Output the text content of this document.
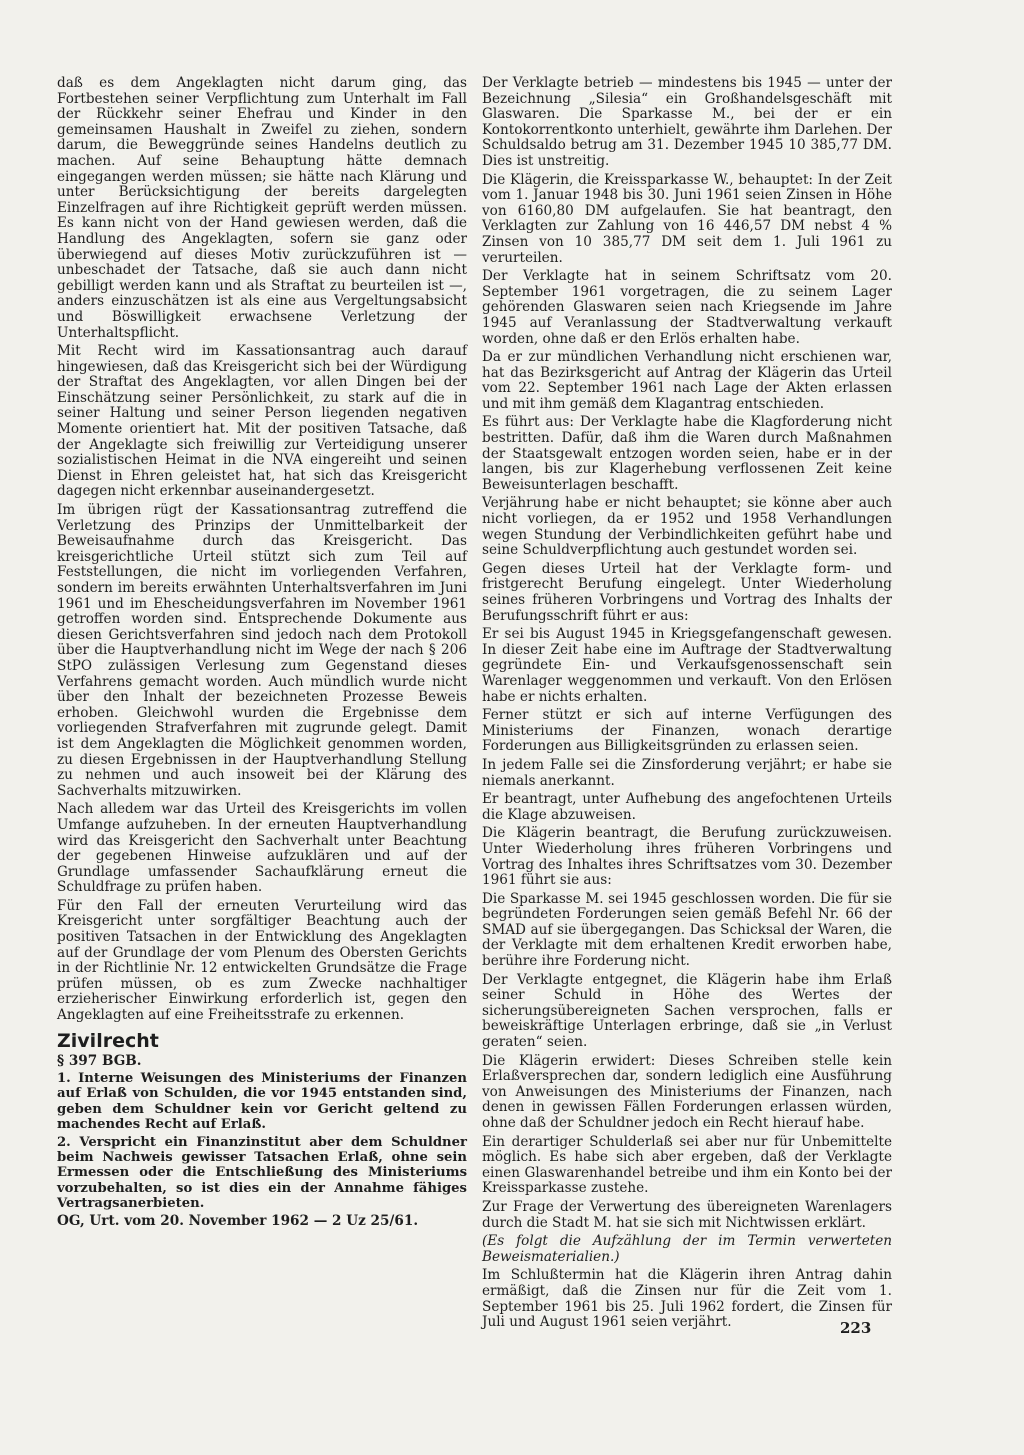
daß es dem Angeklagten nicht darum ging, das Fortbestehen seiner Verpflichtung zum Unterhalt im Fall der Rückkehr seiner Ehefrau und Kinder in den gemeinsamen Haushalt in Zweifel zu ziehen, sondern darum, die Beweggründe seines Handelns deutlich zu machen. Auf seine Behauptung hätte demnach eingegangen werden müssen; sie hätte nach Klärung und unter Berücksichtigung der bereits dargelegten Einzelfragen auf ihre Richtigkeit geprüft werden müssen. Es kann nicht von der Hand gewiesen werden, daß die Handlung des Angeklagten, sofern sie ganz oder überwiegend auf dieses Motiv zurückzuführen ist — unbeschadet der Tatsache, daß sie auch dann nicht gebilligt werden kann und als Straftat zu beurteilen ist —, anders einzuschätzen ist als eine aus Vergeltungsabsicht und Böswilligkeit erwachsene Verletzung der Unterhaltspflicht.

Mit Recht wird im Kassationsantrag auch darauf hingewiesen, daß das Kreisgericht sich bei der Würdigung der Straftat des Angeklagten, vor allen Dingen bei der Einschätzung seiner Persönlichkeit, zu stark auf die in seiner Haltung und seiner Person liegenden negativen Momente orientiert hat. Mit der positiven Tatsache, daß der Angeklagte sich freiwillig zur Verteidigung unserer sozialistischen Heimat in die NVA eingereiht und seinen Dienst in Ehren geleistet hat, hat sich das Kreisgericht dagegen nicht erkennbar auseinandergesetzt.

Im übrigen rügt der Kassationsantrag zutreffend die Verletzung des Prinzips der Unmittelbarkeit der Beweisaufnahme durch das Kreisgericht. Das kreisgerichtliche Urteil stützt sich zum Teil auf Feststellungen, die nicht im vorliegenden Verfahren, sondern im bereits erwähnten Unterhaltsverfahren im Juni 1961 und im Ehescheidungsverfahren im November 1961 getroffen worden sind. Entsprechende Dokumente aus diesen Gerichtsverfahren sind jedoch nach dem Protokoll über die Hauptverhandlung nicht im Wege der nach § 206 StPO zulässigen Verlesung zum Gegenstand dieses Verfahrens gemacht worden. Auch mündlich wurde nicht über den Inhalt der bezeichneten Prozesse Beweis erhoben. Gleichwohl wurden die Ergebnisse dem vorliegenden Strafverfahren mit zugrunde gelegt. Damit ist dem Angeklagten die Möglichkeit genommen worden, zu diesen Ergebnissen in der Hauptverhandlung Stellung zu nehmen und auch insoweit bei der Klärung des Sachverhalts mitzuwirken.

Nach alledem war das Urteil des Kreisgerichts im vollen Umfange aufzuheben. In der erneuten Hauptverhandlung wird das Kreisgericht den Sachverhalt unter Beachtung der gegebenen Hinweise aufzuklären und auf der Grundlage umfassender Sachaufklärung erneut die Schuldfrage zu prüfen haben.

Für den Fall der erneuten Verurteilung wird das Kreisgericht unter sorgfältiger Beachtung auch der positiven Tatsachen in der Entwicklung des Angeklagten auf der Grundlage der vom Plenum des Obersten Gerichts in der Richtlinie Nr. 12 entwickelten Grundsätze die Frage prüfen müssen, ob es zum Zwecke nachhaltiger erzieherischer Einwirkung erforderlich ist, gegen den Angeklagten auf eine Freiheitsstrafe zu erkennen.

Zivilrecht

§ 397 BGB.

1. Interne Weisungen des Ministeriums der Finanzen auf Erlaß von Schulden, die vor 1945 entstanden sind, geben dem Schuldner kein vor Gericht geltend zu machendes Recht auf Erlaß.

2. Verspricht ein Finanzinstitut aber dem Schuldner beim Nachweis gewisser Tatsachen Erlaß, ohne sein Ermessen oder die Entschließung des Ministeriums vorzubehalten, so ist dies ein der Annahme fähiges Vertragsanerbieten.

OG, Urt. vom 20. November 1962 — 2 Uz 25/61.

Der Verklagte betrieb — mindestens bis 1945 — unter der Bezeichnung „Silesia“ ein Großhandelsgeschäft mit Glaswaren. Die Sparkasse M., bei der er ein Kontokorrentkonto unterhielt, gewährte ihm Darlehen. Der Schuldsaldo betrug am 31. Dezember 1945 10 385,77 DM. Dies ist unstreitig.

Die Klägerin, die Kreissparkasse W., behauptet: In der Zeit vom 1. Januar 1948 bis 30. Juni 1961 seien Zinsen in Höhe von 6160,80 DM aufgelaufen. Sie hat beantragt, den Verklagten zur Zahlung von 16 446,57 DM nebst 4 % Zinsen von 10 385,77 DM seit dem 1. Juli 1961 zu verurteilen.

Der Verklagte hat in seinem Schriftsatz vom 20. September 1961 vorgetragen, die zu seinem Lager gehörenden Glaswaren seien nach Kriegsende im Jahre 1945 auf Veranlassung der Stadtverwaltung verkauft worden, ohne daß er den Erlös erhalten habe.

Da er zur mündlichen Verhandlung nicht erschienen war, hat das Bezirksgericht auf Antrag der Klägerin das Urteil vom 22. September 1961 nach Lage der Akten erlassen und mit ihm gemäß dem Klagantrag entschieden.

Es führt aus: Der Verklagte habe die Klagforderung nicht bestritten. Dafür, daß ihm die Waren durch Maßnahmen der Staatsgewalt entzogen worden seien, habe er in der langen, bis zur Klagerhebung verflossenen Zeit keine Beweisunterlagen beschafft.

Verjährung habe er nicht behauptet; sie könne aber auch nicht vorliegen, da er 1952 und 1958 Verhandlungen wegen Stundung der Verbindlichkeiten geführt habe und seine Schuldverpflichtung auch gestundet worden sei.

Gegen dieses Urteil hat der Verklagte form- und fristgerecht Berufung eingelegt. Unter Wiederholung seines früheren Vorbringens und Vortrag des Inhalts der Berufungsschrift führt er aus:

Er sei bis August 1945 in Kriegsgefangenschaft gewesen. In dieser Zeit habe eine im Auftrage der Stadtverwaltung gegründete Ein- und Verkaufsgenossenschaft sein Warenlager weggenommen und verkauft. Von den Erlösen habe er nichts erhalten.

Ferner stützt er sich auf interne Verfügungen des Ministeriums der Finanzen, wonach derartige Forderungen aus Billigkeitsgründen zu erlassen seien.

In jedem Falle sei die Zinsforderung verjährt; er habe sie niemals anerkannt.

Er beantragt, unter Aufhebung des angefochtenen Urteils die Klage abzuweisen.

Die Klägerin beantragt, die Berufung zurückzuweisen. Unter Wiederholung ihres früheren Vorbringens und Vortrag des Inhaltes ihres Schriftsatzes vom 30. Dezember 1961 führt sie aus:

Die Sparkasse M. sei 1945 geschlossen worden. Die für sie begründeten Forderungen seien gemäß Befehl Nr. 66 der SMAD auf sie übergegangen. Das Schicksal der Waren, die der Verklagte mit dem erhaltenen Kredit erworben habe, berühre ihre Forderung nicht.

Der Verklagte entgegnet, die Klägerin habe ihm Erlaß seiner Schuld in Höhe des Wertes der sicherungsübereigneten Sachen versprochen, falls er beweiskräftige Unterlagen erbringe, daß sie „in Verlust geraten“ seien.

Die Klägerin erwidert: Dieses Schreiben stelle kein Erlaßversprechen dar, sondern lediglich eine Ausführung von Anweisungen des Ministeriums der Finanzen, nach denen in gewissen Fällen Forderungen erlassen würden, ohne daß der Schuldner jedoch ein Recht hierauf habe.

Ein derartiger Schulderlaß sei aber nur für Unbemittelte möglich. Es habe sich aber ergeben, daß der Verklagte einen Glaswarenhandel betreibe und ihm ein Konto bei der Kreissparkasse zustehe.

Zur Frage der Verwertung des übereigneten Warenlagers durch die Stadt M. hat sie sich mit Nichtwissen erklärt.

(Es folgt die Aufzählung der im Termin verwerteten Beweismaterialien.)

Im Schlußtermin hat die Klägerin ihren Antrag dahin ermäßigt, daß die Zinsen nur für die Zeit vom 1. September 1961 bis 25. Juli 1962 fordert, die Zinsen für Juli und August 1961 seien verjährt.	223
